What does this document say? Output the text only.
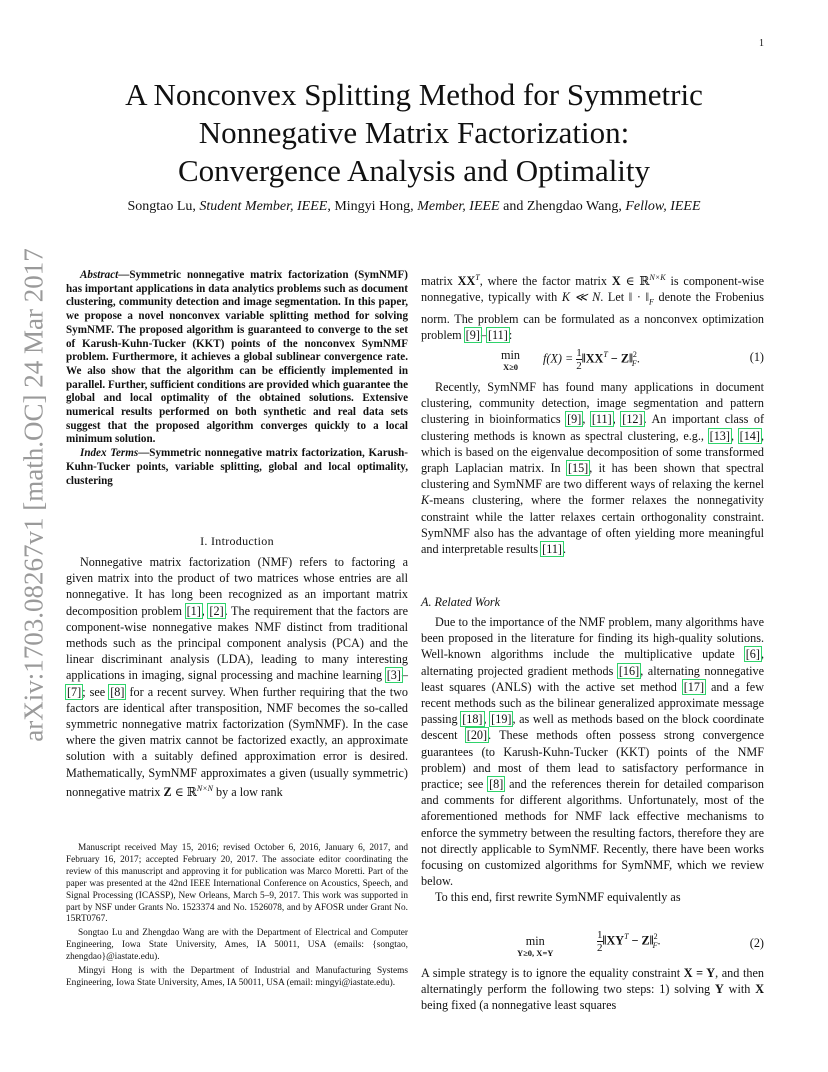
1
A Nonconvex Splitting Method for Symmetric
Nonnegative Matrix Factorization:
Convergence Analysis and Optimality
Songtao Lu, Student Member, IEEE, Mingyi Hong, Member, IEEE and Zhengdao Wang, Fellow, IEEE
arXiv:1703.08267v1 [math.OC] 24 Mar 2017	Abstract—Symmetric nonnegative matrix factorization (SymNMF) has important applications in data analytics problems such as document clustering, community detection and image segmentation. In this paper, we propose a novel nonconvex variable splitting method for solving SymNMF. The proposed algorithm is guaranteed to converge to the set of Karush-Kuhn-Tucker (KKT) points of the nonconvex SymNMF problem. Furthermore, it achieves a global sublinear convergence rate. We also show that the algorithm can be efficiently implemented in parallel. Further, sufficient conditions are provided which guarantee the global and local optimality of the obtained solutions. Extensive numerical results performed on both synthetic and real data sets suggest that the proposed algorithm converges quickly to a local minimum solution.
Index Terms—Symmetric nonnegative matrix factorization, Karush-Kuhn-Tucker points, variable splitting, global and local optimality, clustering
I. Introduction

Nonnegative matrix factorization (NMF) refers to factoring a given matrix into the product of two matrices whose entries are all nonnegative. It has long been recognized as an important matrix decomposition problem [1], [2]. The requirement that the factors are component-wise nonnegative makes NMF distinct from traditional methods such as the principal component analysis (PCA) and the linear discriminant analysis (LDA), leading to many interesting applications in imaging, signal processing and machine learning [3]–[7]; see [8] for a recent survey. When further requiring that the two factors are identical after transposition, NMF becomes the so-called symmetric nonnegative matrix factorization (SymNMF). In the case where the given matrix cannot be factorized exactly, an approximate solution with a suitably defined approximation error is desired. Mathematically, SymNMF approximates a given (usually symmetric) nonnegative matrix Z ∈ ℝ$^{N\times N}$ by a low rank

Manuscript received May 15, 2016; revised October 6, 2016, January 6, 2017, and February 16, 2017; accepted February 20, 2017. The associate editor coordinating the review of this manuscript and approving it for publication was Marco Moretti. Part of the paper was presented at the 42nd IEEE International Conference on Acoustics, Speech, and Signal Processing (ICASSP), New Orleans, March 5–9, 2017. This work was supported in part by NSF under Grants No. 1523374 and No. 1526078, and by AFOSR under Grant No. 15RT0767.

Songtao Lu and Zhengdao Wang are with the Department of Electrical and Computer Engineering, Iowa State University, Ames, IA 50011, USA (emails: {songtao, zhengdao}@iastate.edu).

Mingyi Hong is with the Department of Industrial and Manufacturing Systems Engineering, Iowa State University, Ames, IA 50011, USA (email: mingyi@iastate.edu).

matrix $XX^T$, where the factor matrix X ∈ ℝ$^{N\times K}$ is component-wise nonnegative, typically with K ≪ N. Let ‖ · $‖_F$ denote the Frobenius norm. The problem can be formulated as a nonconvex optimization problem [9]–[11]:

min
X≥0
$f(X) = \frac{1}{2}$ $‖XX^T$ − Z‖$^2_F$.	(1)

Recently, SymNMF has found many applications in document clustering, community detection, image segmentation and pattern clustering in bioinformatics [9], [11], [12]. An important class of clustering methods is known as spectral clustering, e.g., [13], [14], which is based on the eigenvalue decomposition of some transformed graph Laplacian matrix. In [15], it has been shown that spectral clustering and SymNMF are two different ways of relaxing the kernel K-means clustering, where the former relaxes the nonnegativity constraint while the latter relaxes certain orthogonality constraint. SymNMF also has the advantage of often yielding more meaningful and interpretable results [11].

A. Related Work

Due to the importance of the NMF problem, many algorithms have been proposed in the literature for finding its high-quality solutions. Well-known algorithms include the multiplicative update [6], alternating projected gradient methods [16], alternating nonnegative least squares (ANLS) with the active set method [17] and a few recent methods such as the bilinear generalized approximate message passing [18], [19], as well as methods based on the block coordinate descent [20]. These methods often possess strong convergence guarantees (to Karush-Kuhn-Tucker (KKT) points of the NMF problem) and most of them lead to satisfactory performance in practice; see [8] and the references therein for detailed comparison and comments for different algorithms. Unfortunately, most of the aforementioned methods for NMF lack effective mechanisms to enforce the symmetry between the resulting factors, therefore they are not directly applicable to SymNMF. Recently, there have been works focusing on customized algorithms for SymNMF, which we review below.

To this end, first rewrite SymNMF equivalently as

min
Y≥0, X=Y	$\frac{1}{2}$ $‖XY^T$ − Z‖$^2_F$.	(2)

A simple strategy is to ignore the equality constraint X = Y, and then alternatingly perform the following two steps: 1) solving Y with X being fixed (a nonnegative least squares
